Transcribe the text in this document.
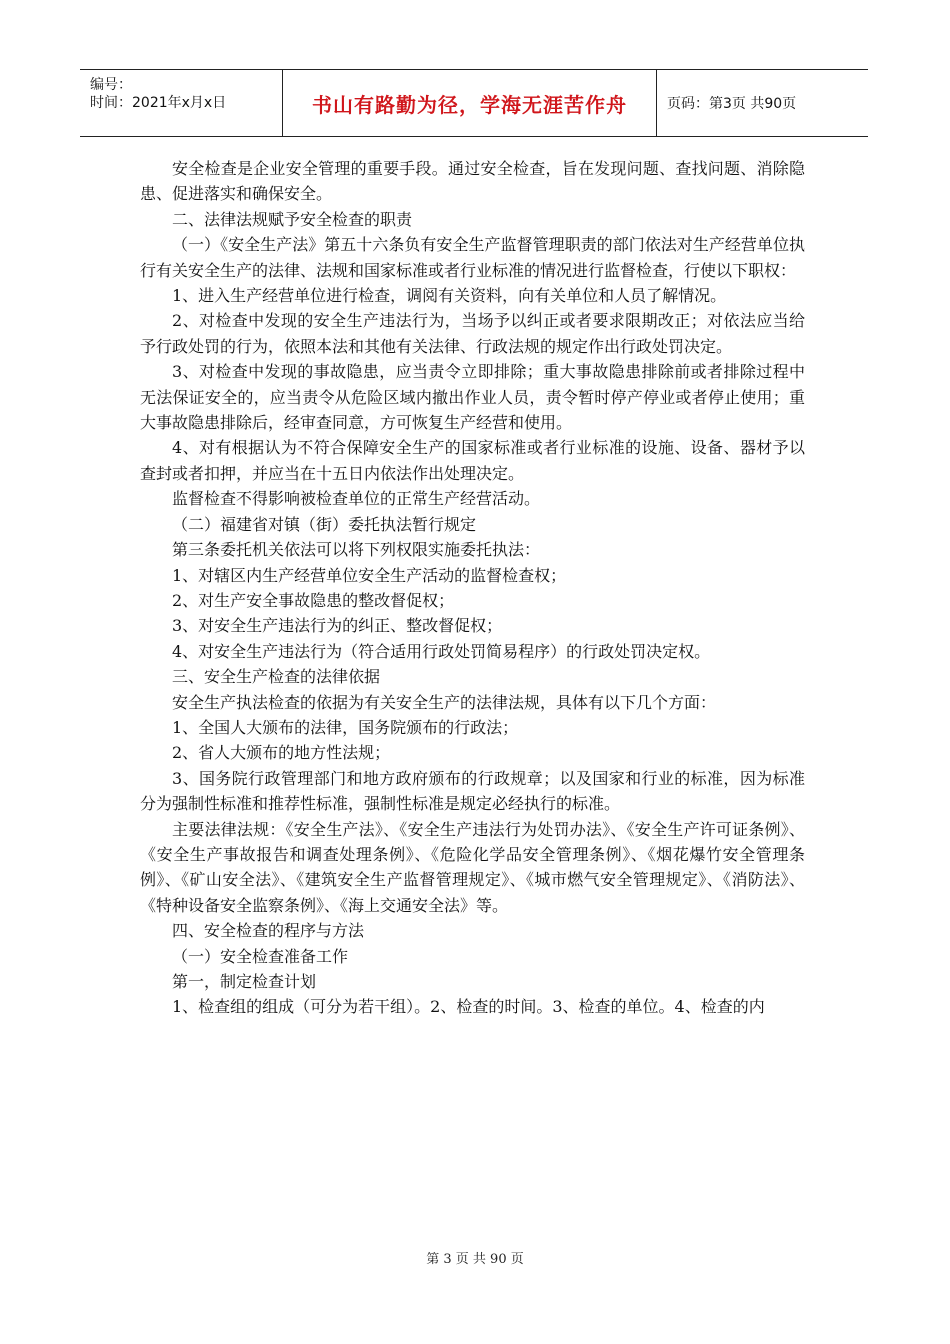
编号：
时间：2021年x月x日	书山有路勤为径，学海无涯苦作舟	页码：第3页 共90页

安全检查是企业安全管理的重要手段。通过安全检查，旨在发现问题、查找问题、消除隐患、促进落实和确保安全。

二、法律法规赋予安全检查的职责

（一）《安全生产法》第五十六条负有安全生产监督管理职责的部门依法对生产经营单位执行有关安全生产的法律、法规和国家标准或者行业标准的情况进行监督检查，行使以下职权：

1、进入生产经营单位进行检查，调阅有关资料，向有关单位和人员了解情况。

2、对检查中发现的安全生产违法行为，当场予以纠正或者要求限期改正；对依法应当给予行政处罚的行为，依照本法和其他有关法律、行政法规的规定作出行政处罚决定。

3、对检查中发现的事故隐患，应当责令立即排除；重大事故隐患排除前或者排除过程中无法保证安全的，应当责令从危险区域内撤出作业人员，责令暂时停产停业或者停止使用；重大事故隐患排除后，经审查同意，方可恢复生产经营和使用。

4、对有根据认为不符合保障安全生产的国家标准或者行业标准的设施、设备、器材予以查封或者扣押，并应当在十五日内依法作出处理决定。

监督检查不得影响被检查单位的正常生产经营活动。

（二）福建省对镇（街）委托执法暂行规定

第三条委托机关依法可以将下列权限实施委托执法：

1、对辖区内生产经营单位安全生产活动的监督检查权；

2、对生产安全事故隐患的整改督促权；

3、对安全生产违法行为的纠正、整改督促权；

4、对安全生产违法行为（符合适用行政处罚简易程序）的行政处罚决定权。

三、安全生产检查的法律依据

安全生产执法检查的依据为有关安全生产的法律法规，具体有以下几个方面：

1、全国人大颁布的法律，国务院颁布的行政法；

2、省人大颁布的地方性法规；

3、国务院行政管理部门和地方政府颁布的行政规章；以及国家和行业的标准，因为标准分为强制性标准和推荐性标准，强制性标准是规定必经执行的标准。

主要法律法规：《安全生产法》、《安全生产违法行为处罚办法》、《安全生产许可证条例》、《安全生产事故报告和调查处理条例》、《危险化学品安全管理条例》、《烟花爆竹安全管理条例》、《矿山安全法》、《建筑安全生产监督管理规定》、《城市燃气安全管理规定》、《消防法》、《特种设备安全监察条例》、《海上交通安全法》等。

四、安全检查的程序与方法

（一）安全检查准备工作

第一，制定检查计划

1、检查组的组成（可分为若干组）。2、检查的时间。3、检查的单位。4、检查的内

第 3 页 共 90 页
